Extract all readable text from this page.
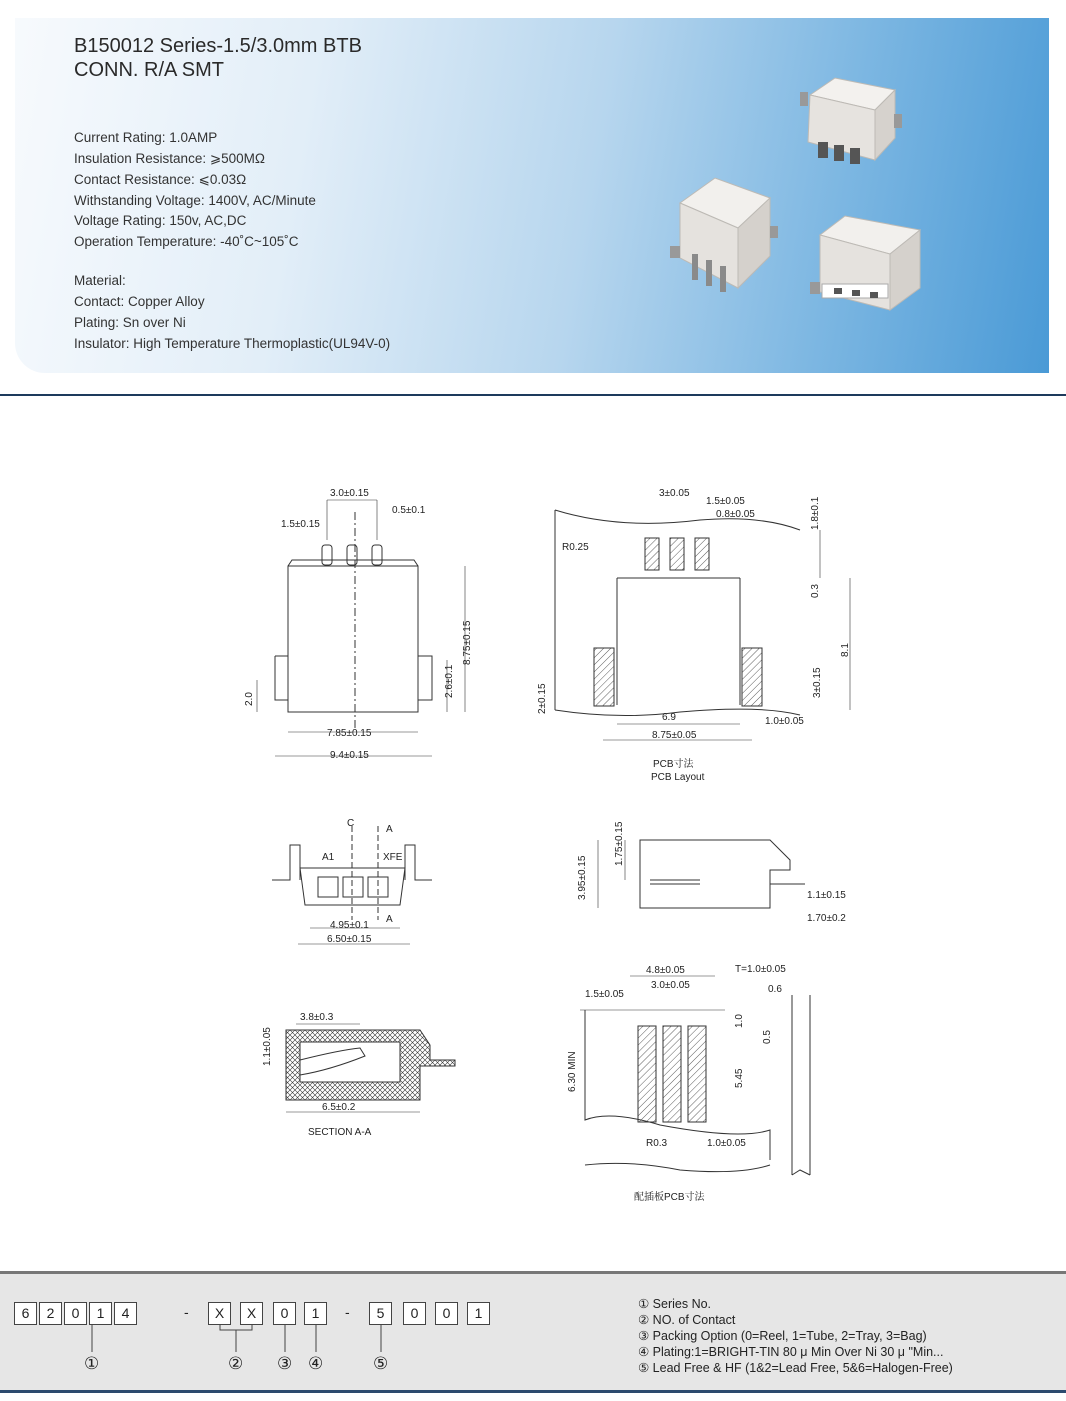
B150012 Series-1.5/3.0mm BTB
CONN. R/A SMT
Current Rating: 1.0AMP
Insulation Resistance: ⩾500MΩ
Contact Resistance: ⩽0.03Ω
Withstanding Voltage: 1400V, AC/Minute
Voltage Rating: 150v, AC,DC
Operation Temperature: -40˚C~105˚C
Material:
Contact: Copper Alloy
Plating: Sn over Ni
Insulator: High Temperature Thermoplastic(UL94V-0)
3.0±0.15
0.5±0.1
1.5±0.15
8.75±0.15
2.6±0.1
2.0
7.85±0.15
9.4±0.15
3±0.05
1.5±0.05
0.8±0.05	1.8±0.1
R0.25
0.3
8.1
3±0.15
2±0.15
6.9	1.0±0.05
8.75±0.05
PCB寸法
PCB Layout
C
A
A1	XFE
A
4.95±0.1
6.50±0.15
3.95±0.15
1.75±0.15
1.1±0.15
1.70±0.2
3.8±0.3
1.1±0.05
6.5±0.2
SECTION A-A
4.8±0.05	T=1.0±0.05
3.0±0.05
1.5±0.05	0.6
1.0
0.5
6.30 MIN	5.45
R0.3	1.0±0.05
配插板PCB寸法
6	2	0	1	4	-	X	X	0	1	-	5	0	0	1
①	② ③ ④	⑤
① Series No.
② NO. of Contact
③ Packing Option (0=Reel, 1=Tube, 2=Tray, 3=Bag)
④ Plating:1=BRIGHT-TIN 80 μ Min Over Ni 30 μ "Min...
⑤ Lead Free & HF (1&2=Lead Free, 5&6=Halogen-Free)
